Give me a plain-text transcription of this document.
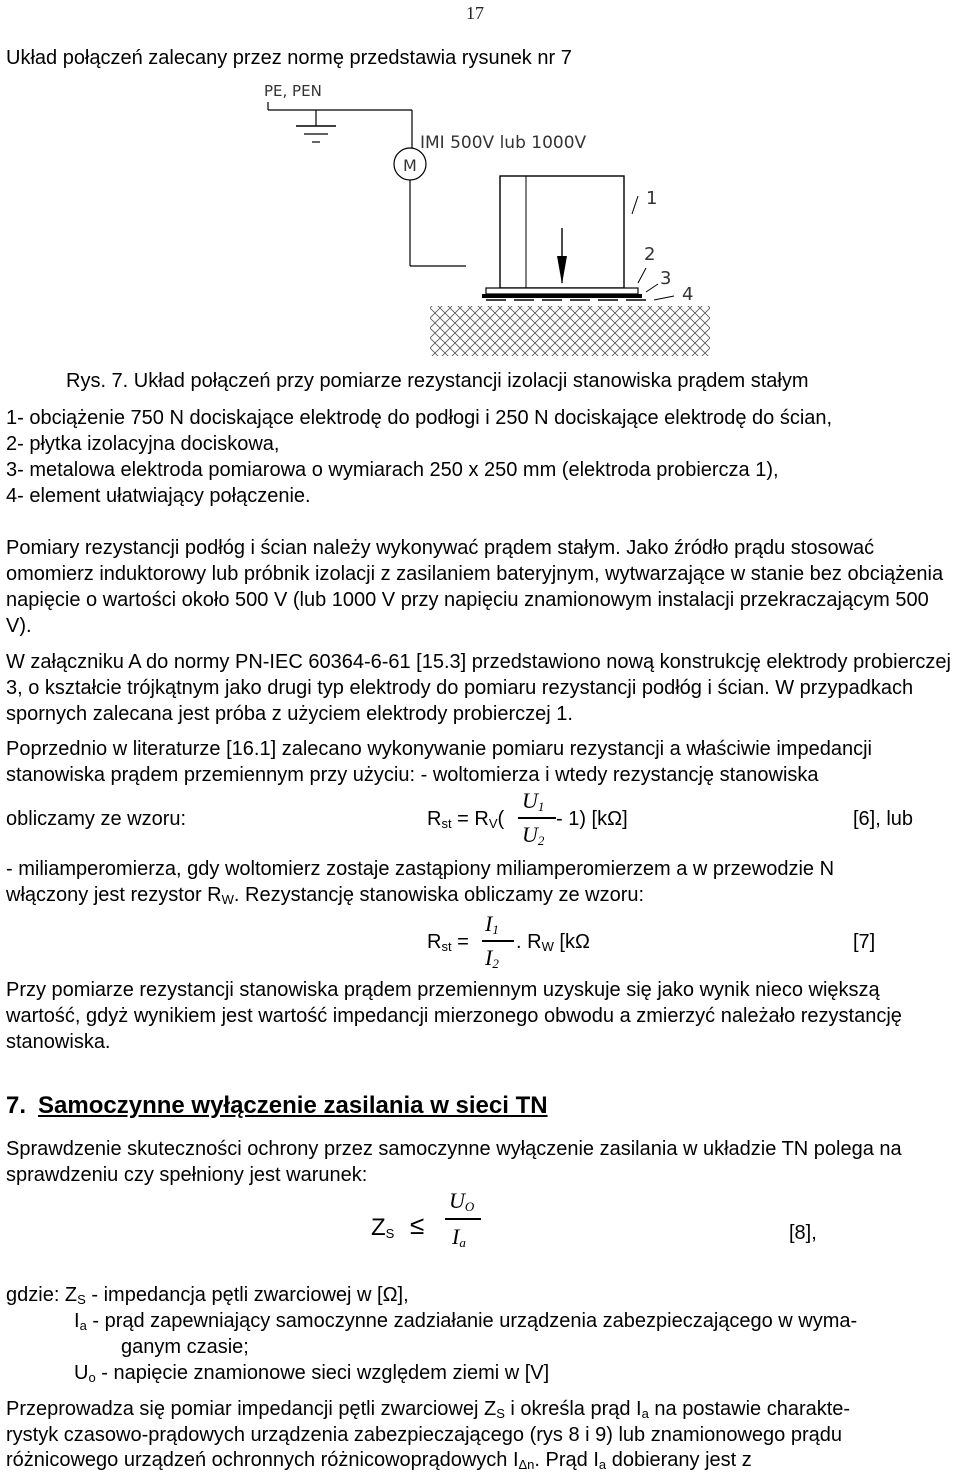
17
Układ połączeń zalecany przez normę przedstawia rysunek nr 7
PE, PEN
M
IMI 500V lub 1000V
1
2
3
4
Rys. 7. Układ połączeń przy pomiarze rezystancji izolacji stanowiska prądem stałym
1- obciążenie 750 N dociskające elektrodę do podłogi i 250 N dociskające elektrodę do ścian,
2- płytka izolacyjna dociskowa,
3- metalowa elektroda pomiarowa o wymiarach 250 x 250 mm (elektroda probiercza 1),
4- element ułatwiający połączenie.
Pomiary rezystancji podłóg i ścian należy wykonywać prądem stałym. Jako źródło prądu stosować omomierz induktorowy lub próbnik izolacji z zasilaniem bateryjnym, wytwarzające w stanie bez obciążenia napięcie o wartości około 500 V (lub 1000 V przy napięciu znamionowym instalacji przekraczającym 500 V).
W załączniku A do normy PN-IEC 60364-6-61 [15.3] przedstawiono nową konstrukcję elektrody probierczej 3, o kształcie trójkątnym jako drugi typ elektrody do pomiaru rezystancji podłóg i ścian. W przypadkach spornych zalecana jest próba z użyciem elektrody probierczej 1.
Poprzednio w literaturze [16.1] zalecano wykonywanie pomiaru rezystancji a właściwie impedancji stanowiska prądem przemiennym przy użyciu: - woltomierza i wtedy rezystancję stanowiska
obliczamy ze wzoru:	$R_{st} = R_V$(
$U_1$
$U_2$
- 1) [kΩ]	[6], lub
- miliamperomierza, gdy woltomierz zostaje zastąpiony miliamperomierzem a w przewodzie N
włączony jest rezystor $R_W$. Rezystancję stanowiska obliczamy ze wzoru:
$R_{st}$ =
$I_1$
$I_2$
. $R_W$ [kΩ	[7]
Przy pomiarze rezystancji stanowiska prądem przemiennym uzyskuje się jako wynik nieco większą wartość, gdyż wynikiem jest wartość impedancji mierzonego obwodu a zmierzyć należało rezystancję stanowiska.
7. Samoczynne wyłączenie zasilania w sieci TN
Sprawdzenie skuteczności ochrony przez samoczynne wyłączenie zasilania w układzie TN polega na sprawdzeniu czy spełniony jest warunek:
$Z_S$ ≤
$U_O$
$I_a$	[8],
gdzie: $Z_S$ - impedancja pętli zwarciowej w [Ω],
$I_a$ - prąd zapewniający samoczynne zadziałanie urządzenia zabezpieczającego w wyma-
ganym czasie;
$U_o$ - napięcie znamionowe sieci względem ziemi w [V]
Przeprowadza się pomiar impedancji pętli zwarciowej $Z_S$ i określa prąd $I_a$ na postawie charakte-
rystyk czasowo-prądowych urządzenia zabezpieczającego (rys 8 i 9) lub znamionowego prądu
różnicowego urządzeń ochronnych różnicowoprądowych $I_{\Delta n}$. Prąd $I_a$ dobierany jest z
